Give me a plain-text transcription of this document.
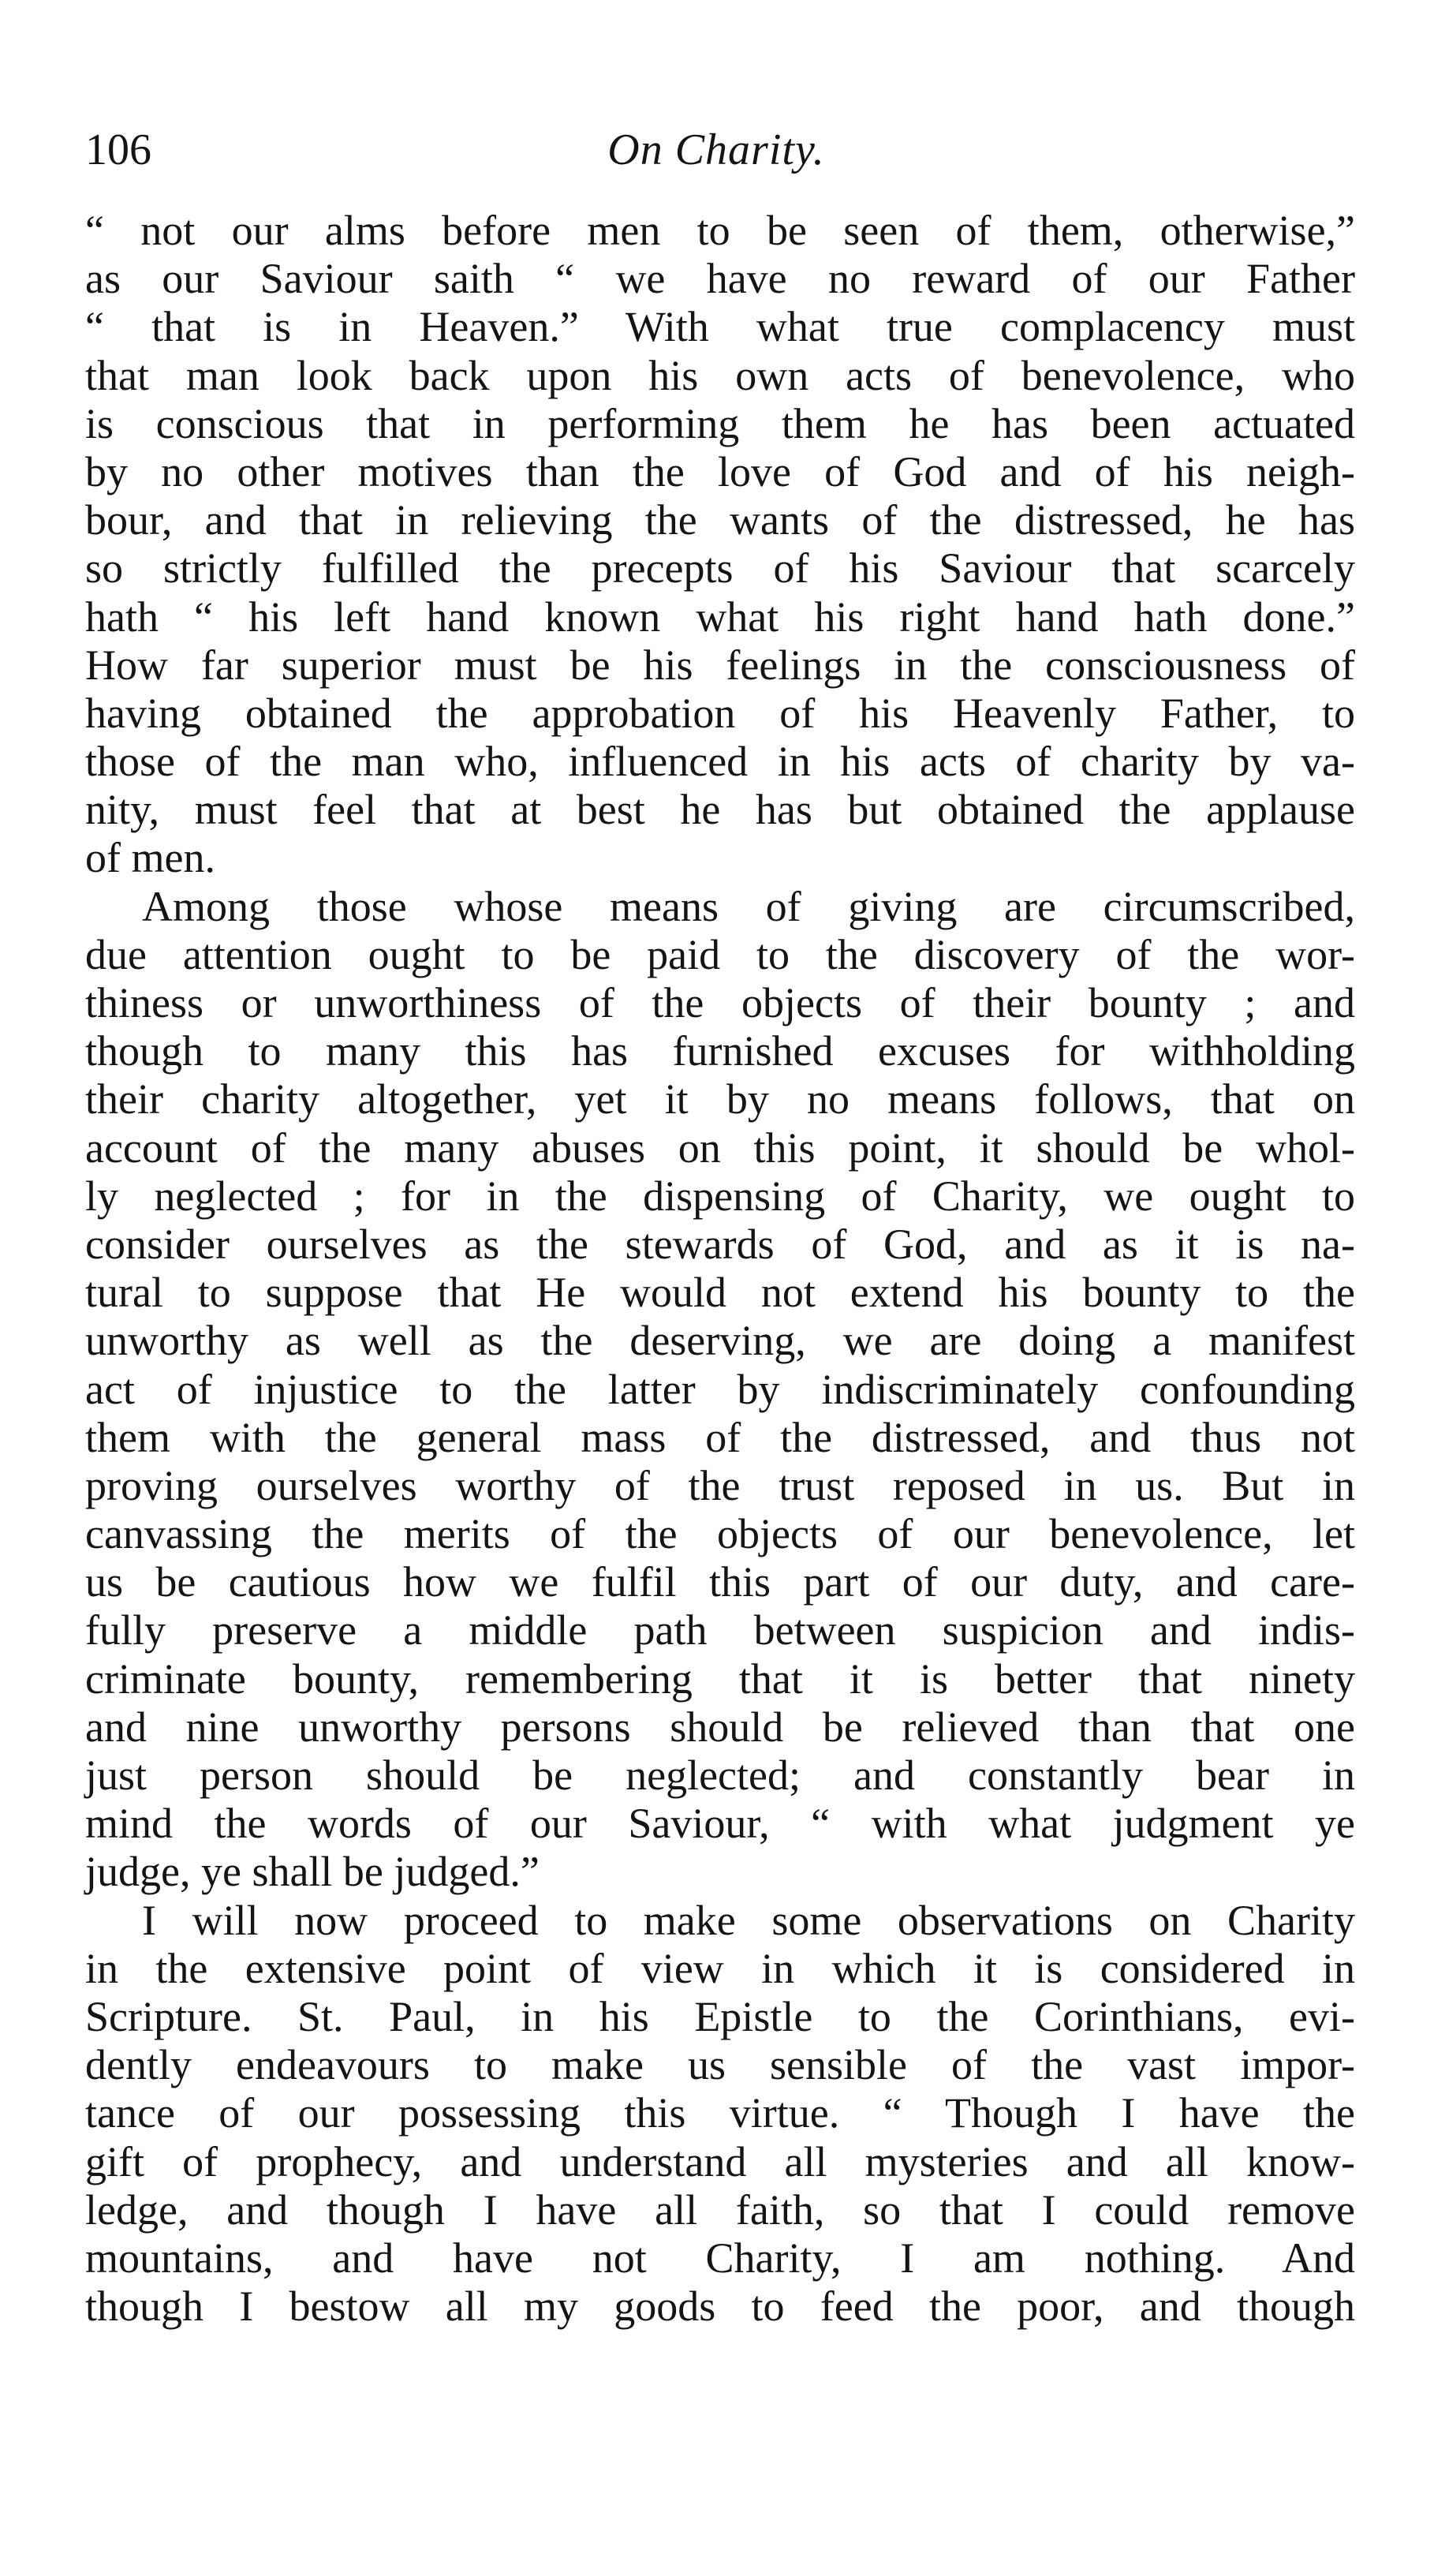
106	On Charity.
“ not our alms before men to be seen of them, otherwise,”
as our Saviour saith “ we have no reward of our Father
“ that is in Heaven.” With what true complacency must
that man look back upon his own acts of benevolence, who
is conscious that in performing them he has been actuated
by no other motives than the love of God and of his neigh-
bour, and that in relieving the wants of the distressed, he has
so strictly fulfilled the precepts of his Saviour that scarcely
hath “ his left hand known what his right hand hath done.”
How far superior must be his feelings in the consciousness of
having obtained the approbation of his Heavenly Father, to
those of the man who, influenced in his acts of charity by va-
nity, must feel that at best he has but obtained the applause
of men.
Among those whose means of giving are circumscribed,
due attention ought to be paid to the discovery of the wor-
thiness or unworthiness of the objects of their bounty ; and
though to many this has furnished excuses for withholding
their charity altogether, yet it by no means follows, that on
account of the many abuses on this point, it should be whol-
ly neglected ; for in the dispensing of Charity, we ought to
consider ourselves as the stewards of God, and as it is na-
tural to suppose that He would not extend his bounty to the
unworthy as well as the deserving, we are doing a manifest
act of injustice to the latter by indiscriminately confounding
them with the general mass of the distressed, and thus not
proving ourselves worthy of the trust reposed in us. But in
canvassing the merits of the objects of our benevolence, let
us be cautious how we fulfil this part of our duty, and care-
fully preserve a middle path between suspicion and indis-
criminate bounty, remembering that it is better that ninety
and nine unworthy persons should be relieved than that one
just person should be neglected; and constantly bear in
mind the words of our Saviour, “ with what judgment ye
judge, ye shall be judged.”
I will now proceed to make some observations on Charity
in the extensive point of view in which it is considered in
Scripture. St. Paul, in his Epistle to the Corinthians, evi-
dently endeavours to make us sensible of the vast impor-
tance of our possessing this virtue. “ Though I have the
gift of prophecy, and understand all mysteries and all know-
ledge, and though I have all faith, so that I could remove
mountains, and have not Charity, I am nothing. And
though I bestow all my goods to feed the poor, and though
